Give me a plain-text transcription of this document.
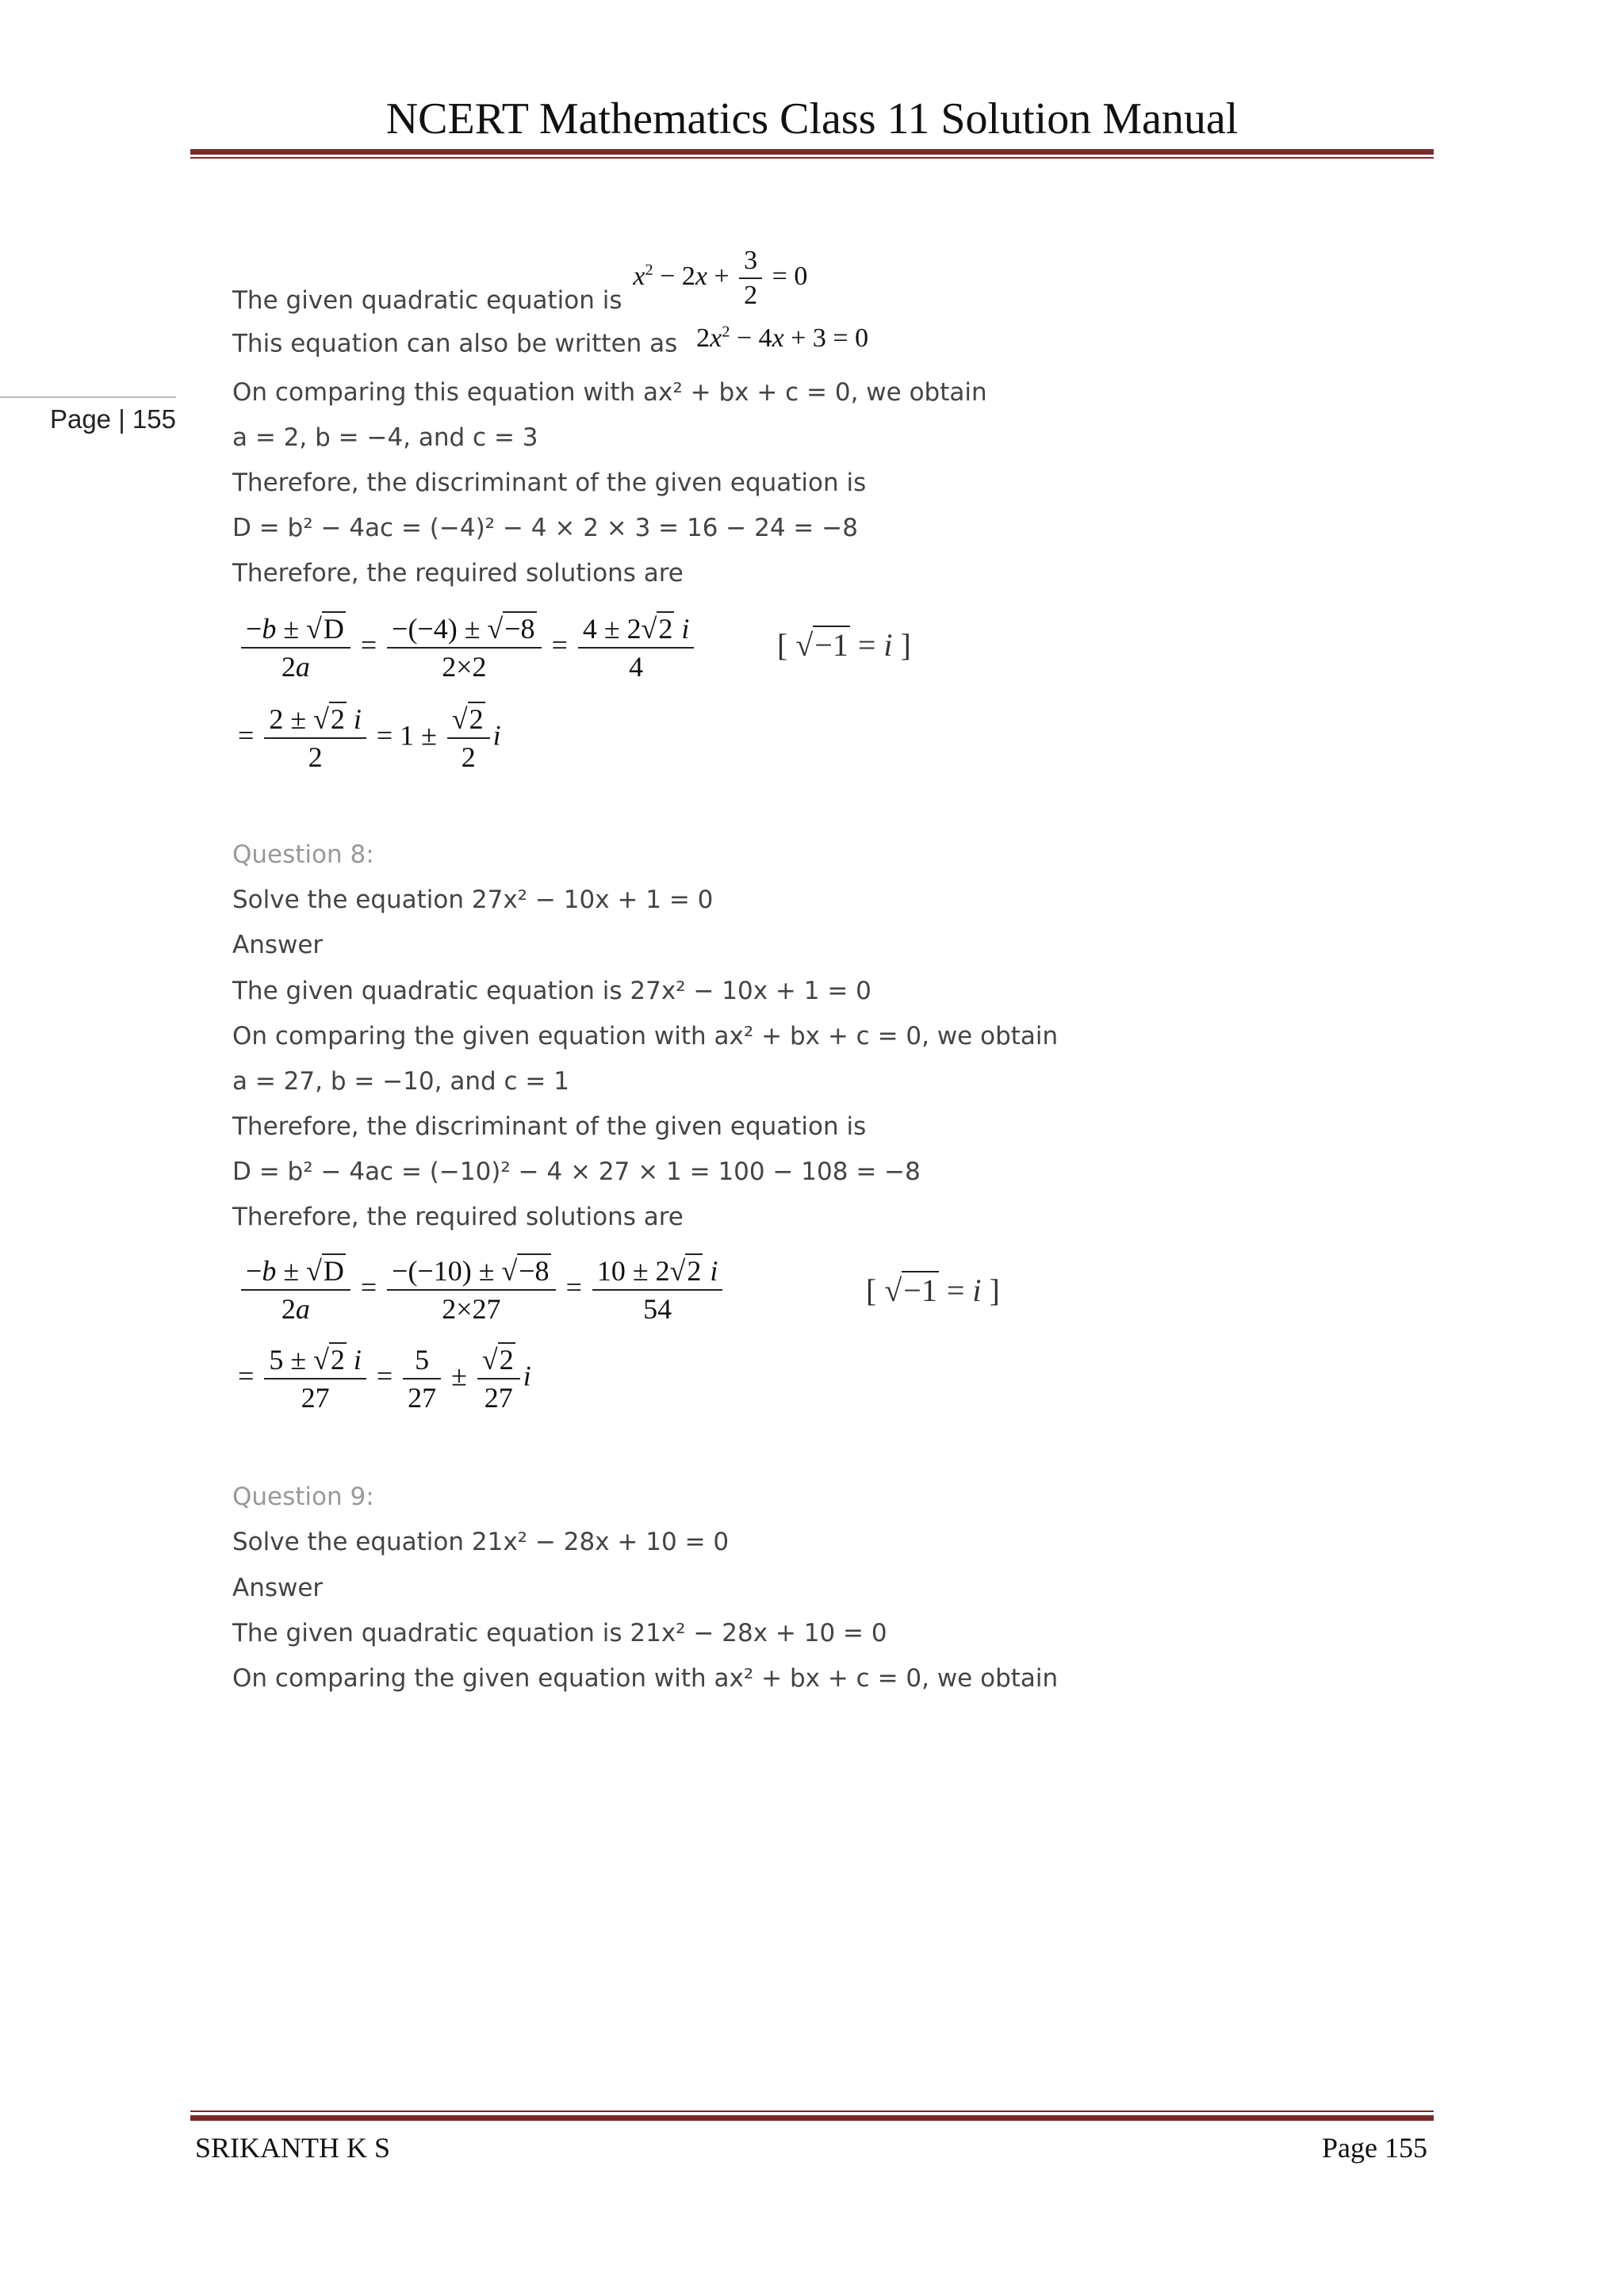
NCERT Mathematics Class 11 Solution Manual
Page | 155
The given quadratic equation is $x^2 - 2x + \frac{3}{2} = 0$
This equation can also be written as $2x^2 - 4x + 3 = 0$
On comparing this equation with ax² + bx + c = 0, we obtain
a = 2, b = −4, and c = 3
Therefore, the discriminant of the given equation is
D = b² − 4ac = (−4)² − 4 × 2 × 3 = 16 − 24 = −8
Therefore, the required solutions are
$\frac{-b \pm √D}{2a} = \frac{-(-4) \pm √-8}{2\times 2} = \frac{4 \pm 2√2 i}{4}$	[ √−1 = i ]
= $\frac{2 \pm √2 i}{2} = 1 \pm \frac{√2}{2}$ i
Question 8:
Solve the equation 27x² − 10x + 1 = 0
Answer
The given quadratic equation is 27x² − 10x + 1 = 0
On comparing the given equation with ax² + bx + c = 0, we obtain
a = 27, b = −10, and c = 1
Therefore, the discriminant of the given equation is
D = b² − 4ac = (−10)² − 4 × 27 × 1 = 100 − 108 = −8
Therefore, the required solutions are
$\frac{-b \pm √D}{2a} = \frac{-(-10) \pm √-8}{2\times 27} = \frac{10 \pm 2√2 i}{54}$	[ √−1 = i ]
= $\frac{5 \pm √2 i}{27} = \frac{5}{27} \pm \frac{√2}{27}$ i
Question 9:
Solve the equation 21x² − 28x + 10 = 0
Answer
The given quadratic equation is 21x² − 28x + 10 = 0
On comparing the given equation with ax² + bx + c = 0, we obtain
SRIKANTH K S	Page 155
